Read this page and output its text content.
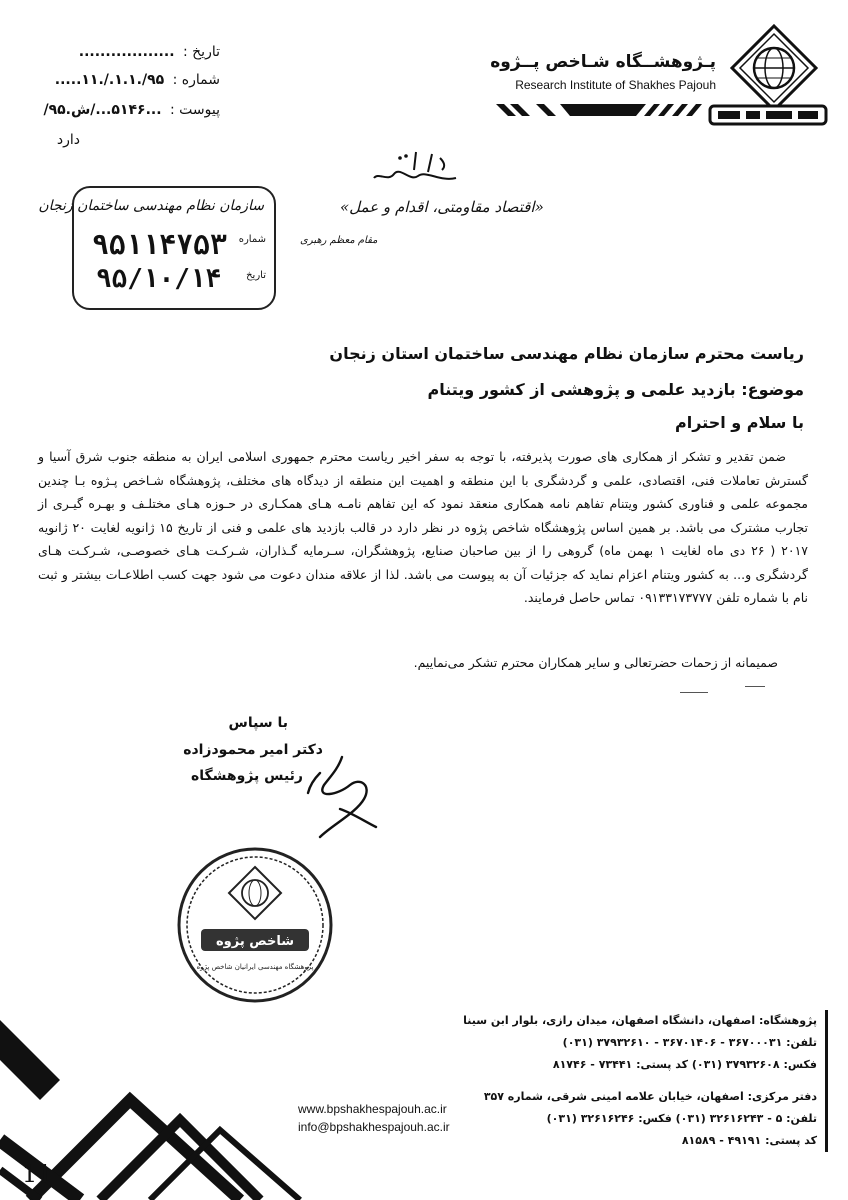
پـژوهشــگاه شـاخص پــژوه
Research Institute of Shakhes Pajouh
تاریخ : ..................
شماره : ۹۵/.۱.۱./.۱۱.....
پیوست : ...۵۱۴۶.../ش.۹۵/
دارد
«اقتصاد مقاومتی، اقدام و عمل»
مقام معظم رهبری
سازمان نظام مهندسی ساختمان زنجان
شماره
۹۵۱۱۴۷۵۳
تاریخ
۹۵/۱۰/۱۴
ریاست محترم سازمان نظام مهندسی ساختمان استان زنجان
موضوع: بازدید علمی و پژوهشی از کشور ویتنام
با سلام و احترام

ضمن تقدیر و تشکر از همکاری های صورت پذیرفته، با توجه به سفر اخیر ریاست محترم جمهوری اسلامی ایران به منطقه جنوب شرق آسیا و گسترش تعاملات فنی، اقتصادی، علمی و گردشگری با این منطقه و اهمیت این منطقه از دیدگاه های مختلف، پژوهشگاه شـاخص پـژوه بـا چندین مجموعه علمی و فناوری کشور ویتنام تفاهم نامه همکاری منعقد نمود که این تفاهم نامـه هـای همکـاری در حـوزه هـای مختلـف و بهـره گیـری از تجارب مشترک می باشد. بر همین اساس پژوهشگاه شاخص پژوه در نظر دارد در قالب بازدید های علمی و فنی از تاریخ ۱۵ ژانویه لغایت ۲۰ ژانویه ۲۰۱۷ ( ۲۶ دی ماه لغایت ۱ بهمن ماه) گروهی را از بین صاحبان صنایع، پژوهشگران، سـرمایه گـذاران، شـرکـت هـای خصوصـی، شـرکـت هـای گردشگری و... به کشور ویتنام اعزام نماید که جزئیات آن به پیوست می باشد. لذا از علاقه مندان دعوت می شود جهت کسب اطلاعـات بیشتر و ثبت نام با شماره تلفن ۰۹۱۳۳۱۷۳۷۷۷ تماس حاصل فرمایند.

صمیمانه از زحمات حضرتعالی و سایر همکاران محترم تشکر می‌نماییم.
با سپاس
دکتر امیر محمودزاده
رئیس پژوهشگاه
شاخص پژوه
پژوهشگاه مهندسی ایرانیان شاخص پژوه
www.bpshakhespajouh.ac.ir
info@bpshakhespajouh.ac.ir
پژوهشگاه: اصفهان، دانشگاه اصفهان، میدان رازی، بلوار ابن سینا
تلفن: ۳۶۷۰۰۰۳۱ - ۳۶۷۰۱۴۰۶ - ۳۷۹۳۲۶۱۰ (۰۳۱)
فکس: ۳۷۹۳۲۶۰۸ (۰۳۱) کد پستی: ۷۳۴۴۱ - ۸۱۷۴۶
دفتر مرکزی: اصفهان، خیابان علامه امینی شرقی، شماره ۳۵۷
تلفن: ۵ - ۳۲۶۱۶۲۴۳ (۰۳۱) فکس: ۳۲۶۱۶۲۴۶ (۰۳۱)
کد پستی: ۴۹۱۹۱ - ۸۱۵۸۹
11
